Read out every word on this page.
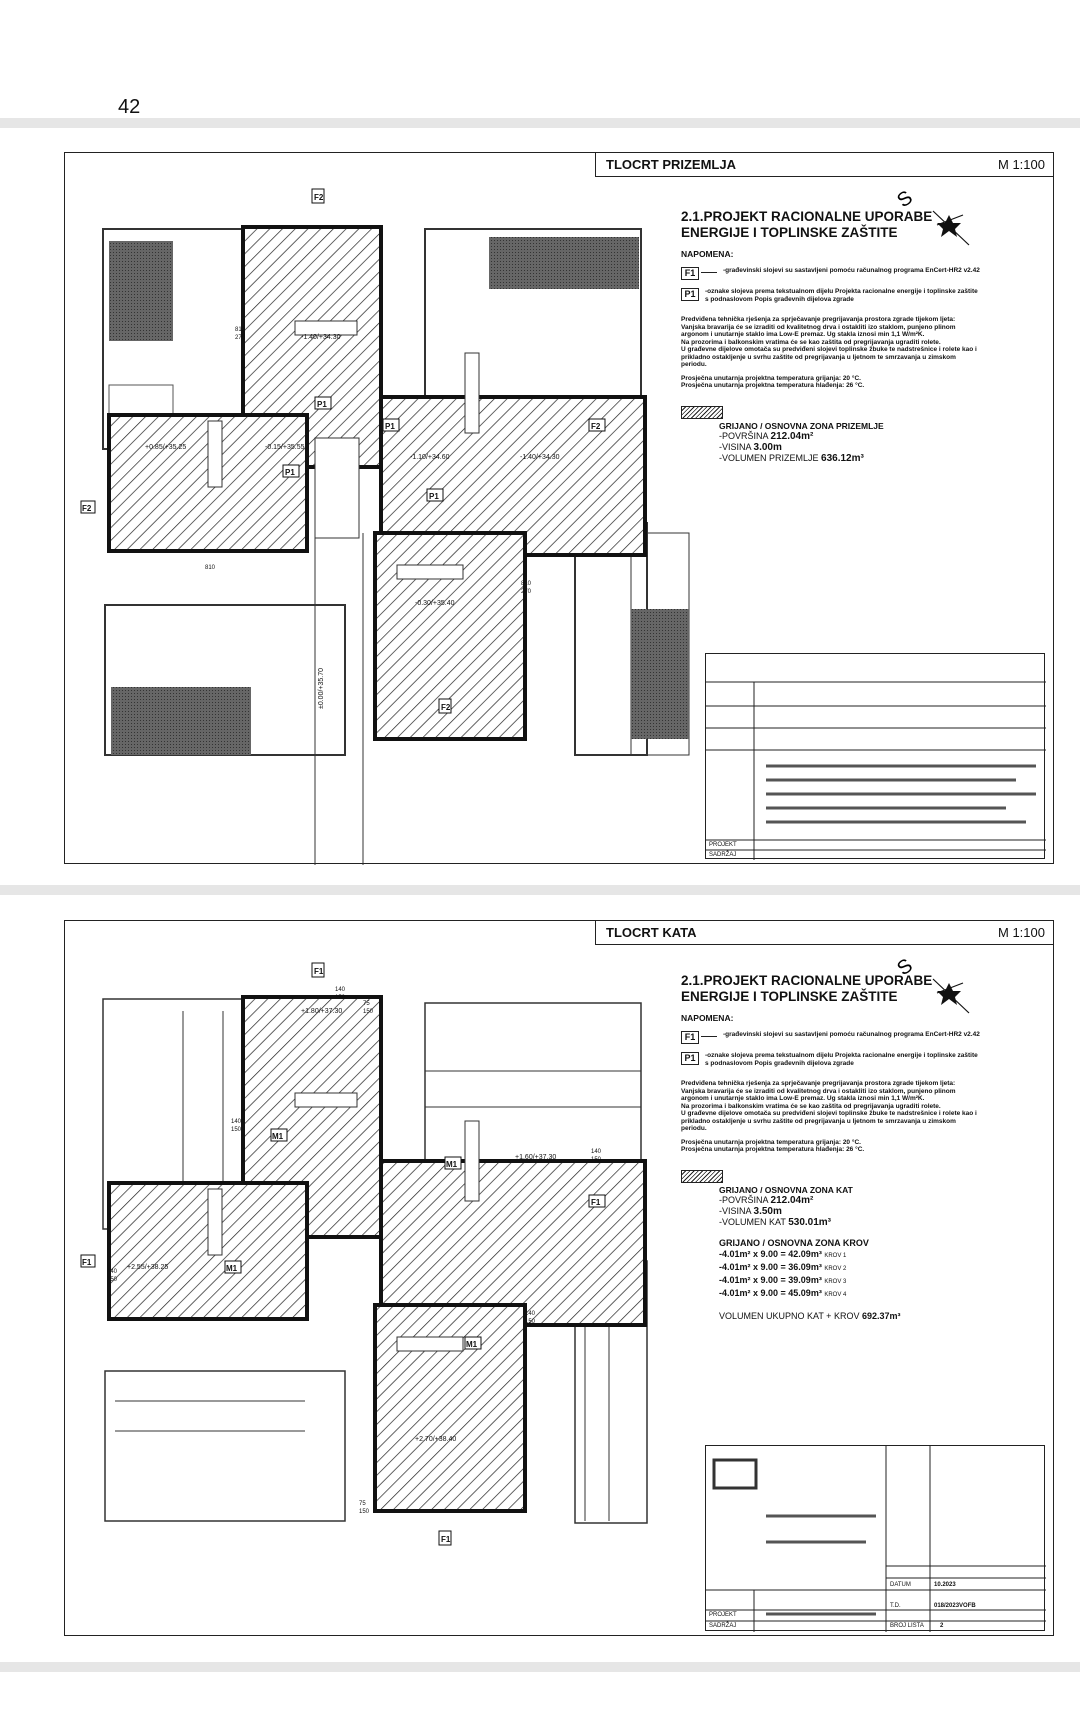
42
-1.40/+34.30
+0.85/+35.25	-0.15/+35.55
-1.10/+34.60	-1.40/+34.30
-0.30/+35.40
810
270
810
270
810
±0.00/+35.70
F2
F2
F2
F2
P1
P1
P1
P1
TLOCRT PRIZEMLJA	M 1:100
S
2.1.PROJEKT RACIONALNE UPORABE ENERGIJE I TOPLINSKE ZAŠTITE
NAPOMENA:
F1	-građevinski slojevi su sastavljeni pomoću računalnog programa EnCert-HR2 v2.42
P1	-oznake slojeva prema tekstualnom dijelu Projekta racionalne energije i toplinske zaštite s podnaslovom Popis građevnih dijelova zgrade
Predviđena tehnička rješenja za sprječavanje pregrijavanja prostora zgrade tijekom ljeta:
Vanjska bravarija će se izraditi od kvalitetnog drva i ostakliti izo staklom, punjeno plinom argonom i unutarnje staklo ima Low-E premaz. Ug stakla iznosi min 1,1 W/m²K.
Na prozorima i balkonskim vratima će se kao zaštita od pregrijavanja ugraditi rolete.
U građevne dijelove omotača su predviđeni slojevi toplinske žbuke te nadstrešnice i rolete kao i prikladno ostakljenje u svrhu zaštite od pregrijavanja u ljetnom te smrzavanja u zimskom periodu.
Prosječna unutarnja projektna temperatura grijanja: 20 °C.
Prosječna unutarnja projektna temperatura hlađenja: 26 °C.
GRIJANO / OSNOVNA ZONA PRIZEMLJE
-POVRŠINA 212.04m²
-VISINA 3.00m
-VOLUMEN PRIZEMLJE 636.12m³
PROJEKT
SADRŽAJ
+1.80/+37.30
+1.60/+37.30
+2.55/+38.25
+2.70/+38.40
140
150
75
150
140
150
140
150
140
150
140
150
75
150
F1
F1
F1
F1
M1
M1
M1
M1
TLOCRT KATA	M 1:100
S
2.1.PROJEKT RACIONALNE UPORABE ENERGIJE I TOPLINSKE ZAŠTITE
NAPOMENA:
F1	-građevinski slojevi su sastavljeni pomoću računalnog programa EnCert-HR2 v2.42
P1	-oznake slojeva prema tekstualnom dijelu Projekta racionalne energije i toplinske zaštite s podnaslovom Popis građevnih dijelova zgrade
Predviđena tehnička rješenja za sprječavanje pregrijavanja prostora zgrade tijekom ljeta:
Vanjska bravarija će se izraditi od kvalitetnog drva i ostakliti izo staklom, punjeno plinom argonom i unutarnje staklo ima Low-E premaz. Ug stakla iznosi min 1,1 W/m²K.
Na prozorima i balkonskim vratima će se kao zaštita od pregrijavanja ugraditi rolete.
U građevne dijelove omotača su predviđeni slojevi toplinske žbuke te nadstrešnice i rolete kao i prikladno ostakljenje u svrhu zaštite od pregrijavanja u ljetnom te smrzavanja u zimskom periodu.
Prosječna unutarnja projektna temperatura grijanja: 20 °C.
Prosječna unutarnja projektna temperatura hlađenja: 26 °C.
GRIJANO / OSNOVNA ZONA KAT
-POVRŠINA 212.04m²
-VISINA 3.50m
-VOLUMEN KAT 530.01m³
GRIJANO / OSNOVNA ZONA KROV
-4.01m² x 9.00 = 42.09m³ KROV 1
-4.01m² x 9.00 = 36.09m³ KROV 2
-4.01m² x 9.00 = 39.09m³ KROV 3
-4.01m² x 9.00 = 45.09m³ KROV 4
VOLUMEN UKUPNO KAT + KROV 692.37m³
DATUM	10.2023
T.D.	018/2023VOFB
BROJ LISTA	2
PROJEKT
SADRŽAJ
